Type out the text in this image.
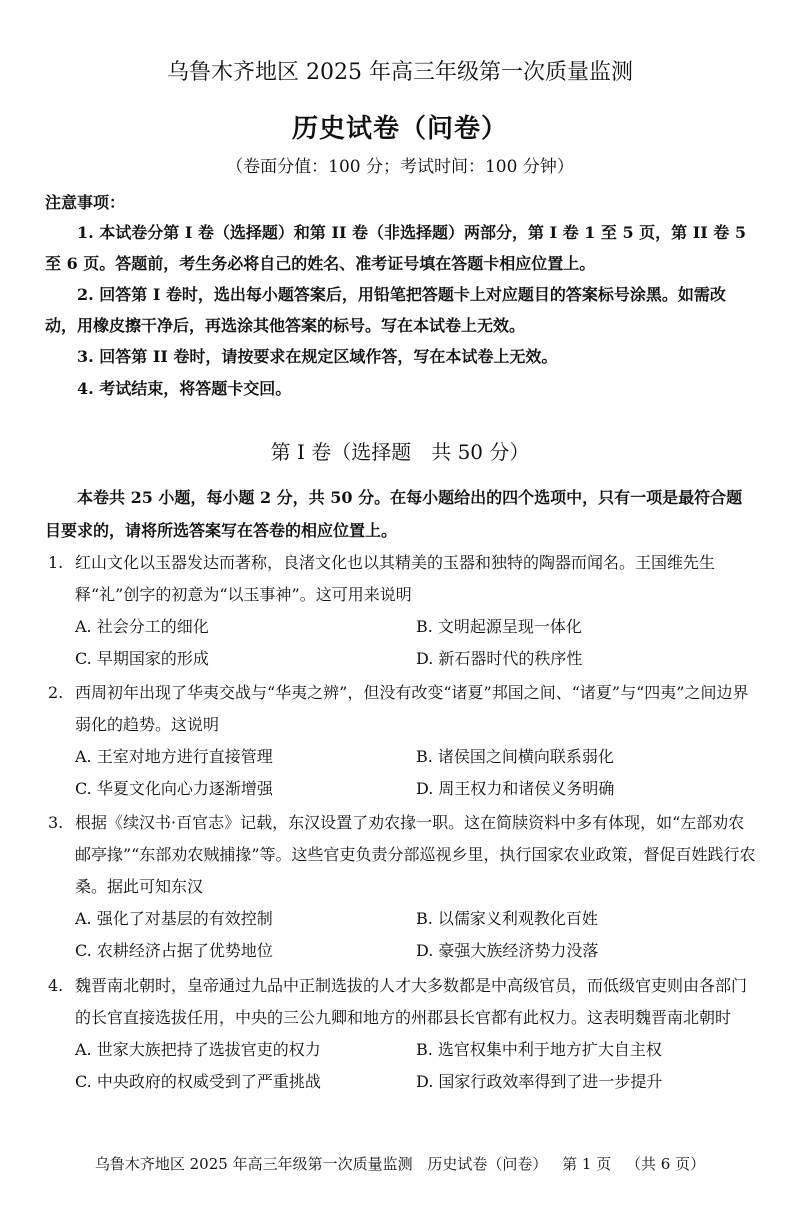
乌鲁木齐地区 2025 年高三年级第一次质量监测
历史试卷（问卷）
（卷面分值：100 分；考试时间：100 分钟）
注意事项：

1. 本试卷分第 I 卷（选择题）和第 II 卷（非选择题）两部分，第 I 卷 1 至 5 页，第 II 卷 5 至 6 页。答题前，考生务必将自己的姓名、准考证号填在答题卡相应位置上。

2. 回答第 I 卷时，选出每小题答案后，用铅笔把答题卡上对应题目的答案标号涂黑。如需改动，用橡皮擦干净后，再选涂其他答案的标号。写在本试卷上无效。

3. 回答第 II 卷时，请按要求在规定区域作答，写在本试卷上无效。

4. 考试结束，将答题卡交回。

第 I 卷（选择题　共 50 分）

本卷共 25 小题，每小题 2 分，共 50 分。在每小题给出的四个选项中，只有一项是最符合题目要求的，请将所选答案写在答卷的相应位置上。

1. 红山文化以玉器发达而著称，良渚文化也以其精美的玉器和独特的陶器而闻名。王国维先生释“礼”创字的初意为“以玉事神”。这可用来说明
A. 社会分工的细化	B. 文明起源呈现一体化
C. 早期国家的形成	D. 新石器时代的秩序性
2. 西周初年出现了华夷交战与“华夷之辨”，但没有改变“诸夏”邦国之间、“诸夏”与“四夷”之间边界弱化的趋势。这说明
A. 王室对地方进行直接管理	B. 诸侯国之间横向联系弱化
C. 华夏文化向心力逐渐增强	D. 周王权力和诸侯义务明确
3. 根据《续汉书·百官志》记载，东汉设置了劝农掾一职。这在简牍资料中多有体现，如“左部劝农邮亭掾”“东部劝农贼捕掾”等。这些官吏负责分部巡视乡里，执行国家农业政策，督促百姓践行农桑。据此可知东汉
A. 强化了对基层的有效控制	B. 以儒家义利观教化百姓
C. 农耕经济占据了优势地位	D. 豪强大族经济势力没落
4. 魏晋南北朝时，皇帝通过九品中正制选拔的人才大多数都是中高级官员，而低级官吏则由各部门的长官直接选拔任用，中央的三公九卿和地方的州郡县长官都有此权力。这表明魏晋南北朝时
A. 世家大族把持了选拔官吏的权力	B. 选官权集中利于地方扩大自主权
C. 中央政府的权威受到了严重挑战	D. 国家行政效率得到了进一步提升
乌鲁木齐地区 2025 年高三年级第一次质量监测 历史试卷（问卷） 第 1 页 （共 6 页）
